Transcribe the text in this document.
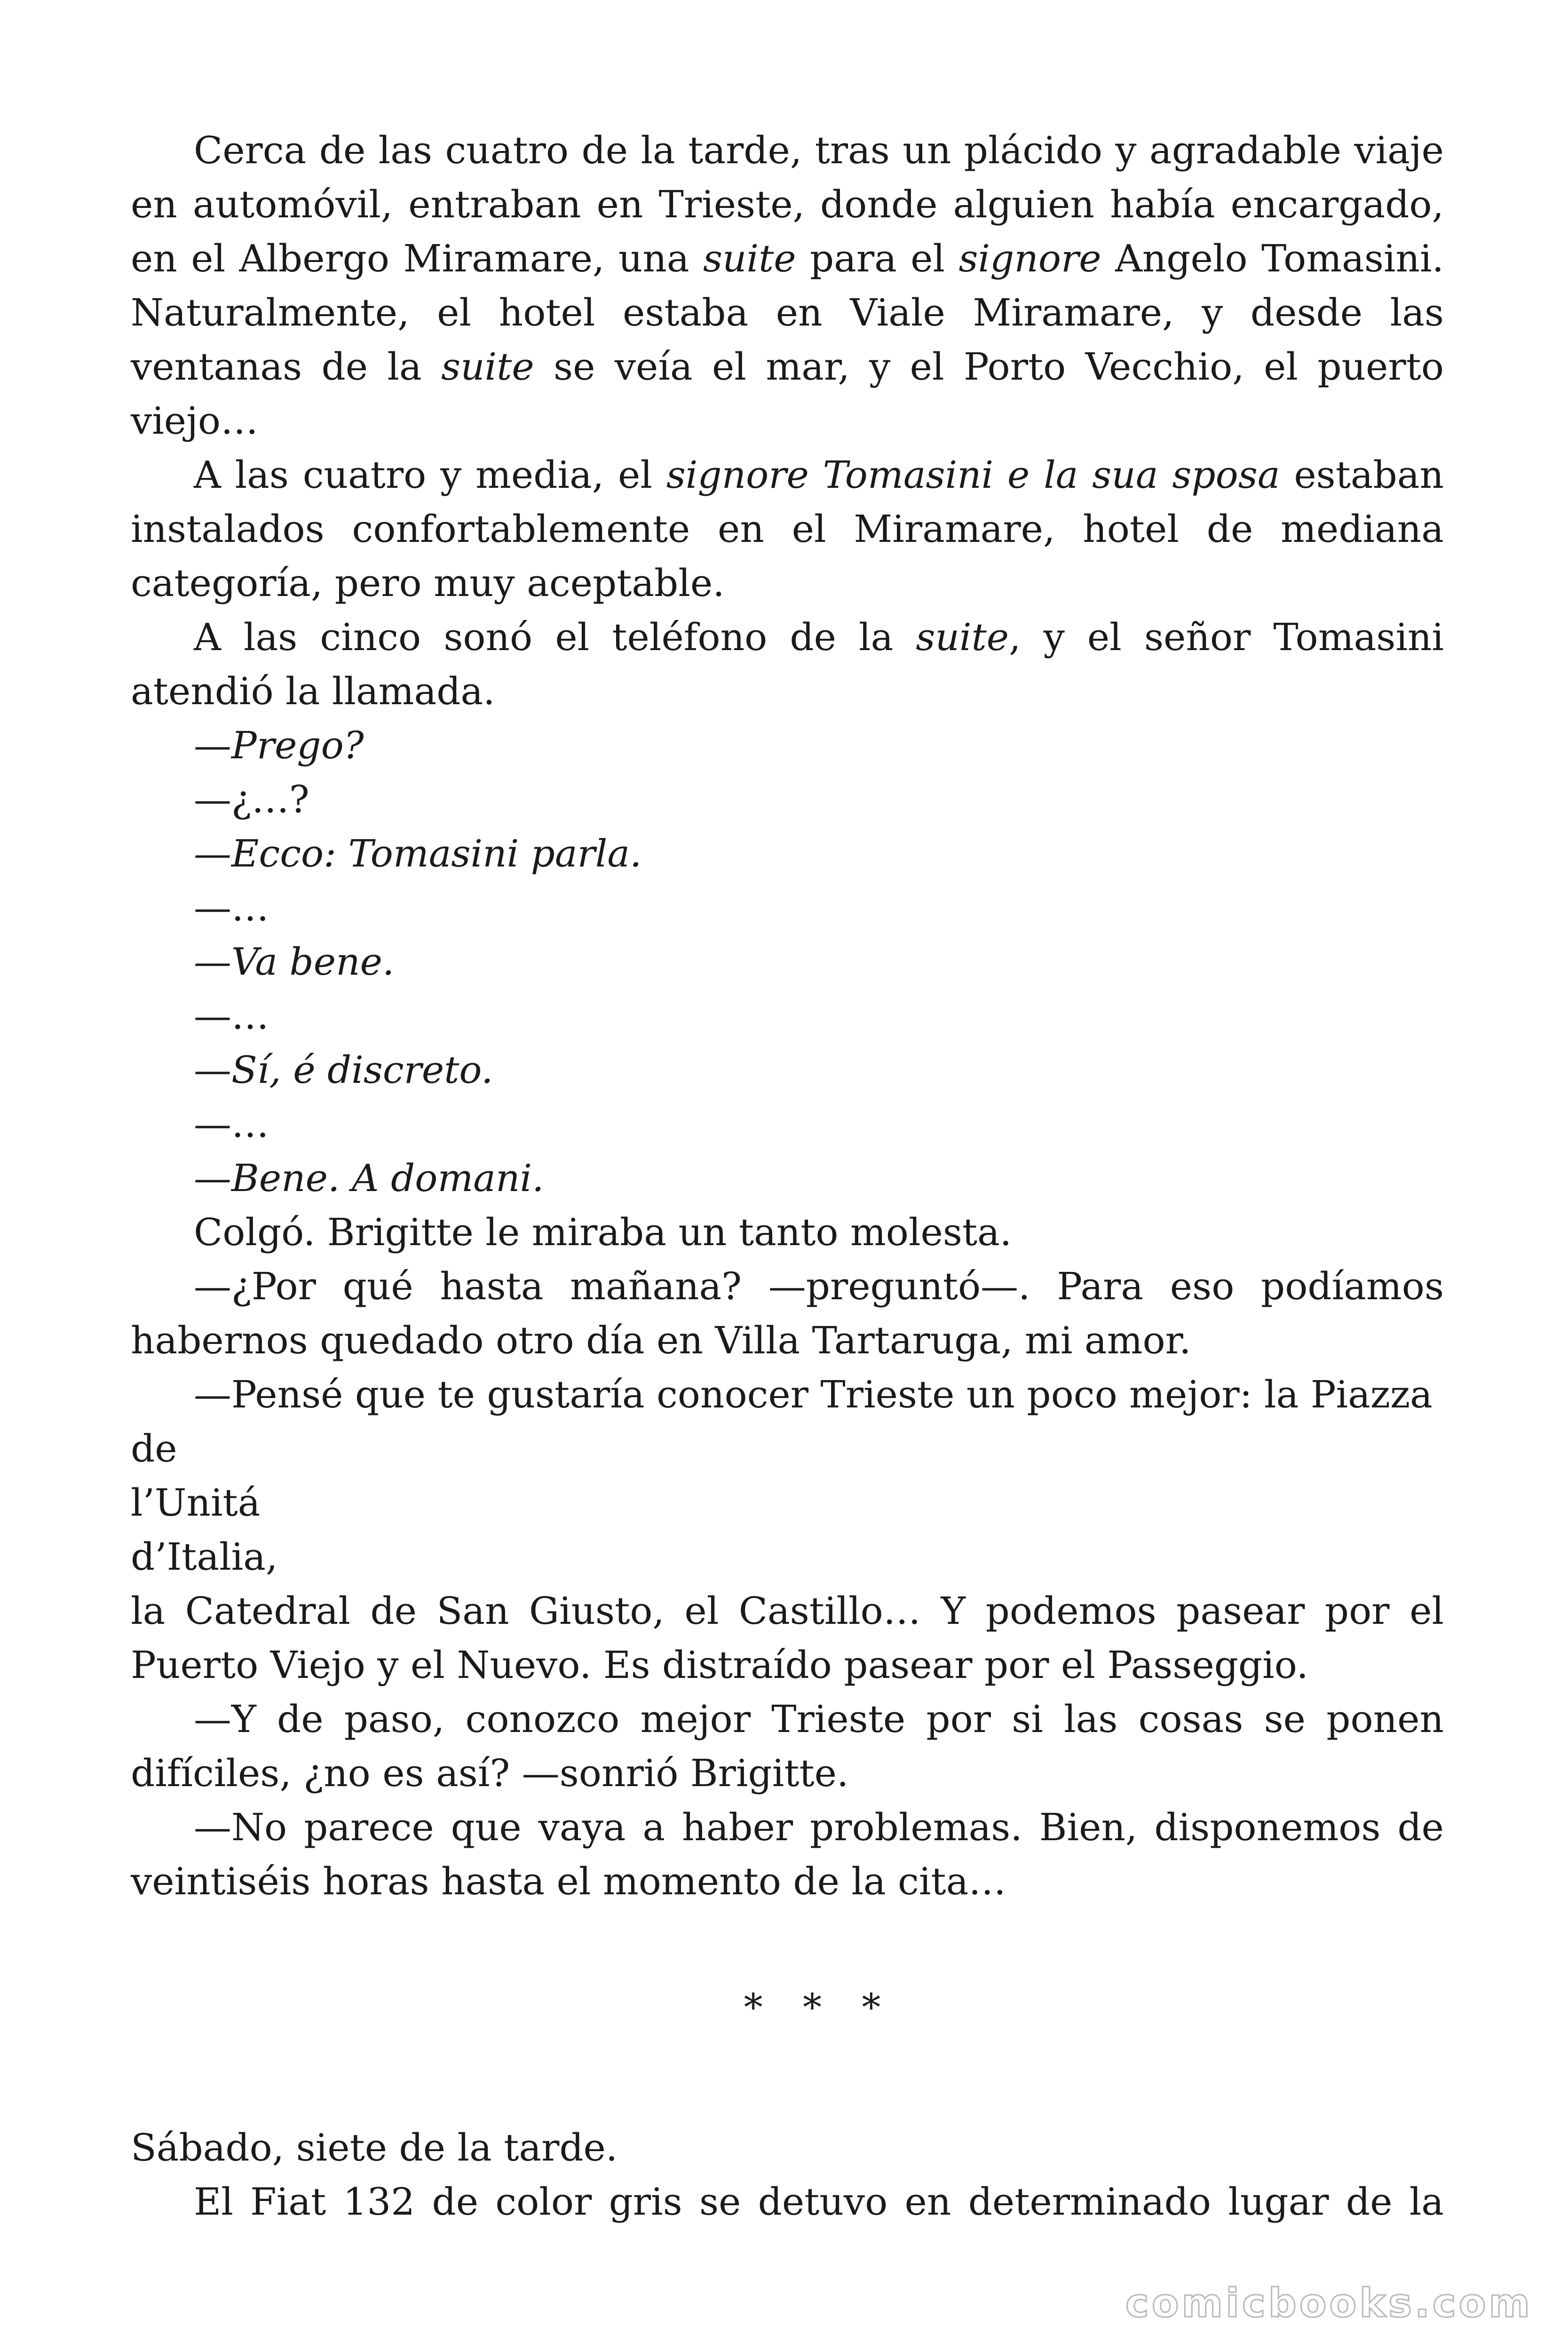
Cerca de las cuatro de la tarde, tras un plácido y agradable viaje en automóvil, entraban en Trieste, donde alguien había encargado, en el Albergo Miramare, una suite para el signore Angelo Tomasini. Naturalmente, el hotel estaba en Viale Miramare, y desde las ventanas de la suite se veía el mar, y el Porto Vecchio, el puerto viejo…

A las cuatro y media, el signore Tomasini e la sua sposa estaban instalados confortablemente en el Miramare, hotel de mediana categoría, pero muy aceptable.

A las cinco sonó el teléfono de la suite, y el señor Tomasini atendió la llamada.

—Prego?

—¿…?

—Ecco: Tomasini parla.

—…

—Va bene.

—…

—Sí, é discreto.

—…

—Bene. A domani.

Colgó. Brigitte le miraba un tanto molesta.

—¿Por qué hasta mañana? —preguntó—. Para eso podíamos habernos quedado otro día en Villa Tartaruga, mi amor.

—Pensé que te gustaría conocer Trieste un poco mejor: la Piazza

de

l’Unitá

d’Italia,

la Catedral de San Giusto, el Castillo… Y podemos pasear por el Puerto Viejo y el Nuevo. Es distraído pasear por el Passeggio.

—Y de paso, conozco mejor Trieste por si las cosas se ponen difíciles, ¿no es así? —sonrió Brigitte.

—No parece que vaya a haber problemas. Bien, disponemos de veintiséis horas hasta el momento de la cita…

* * *

Sábado, siete de la tarde.

El Fiat 132 de color gris se detuvo en determinado lugar de la

comicbooks.com
